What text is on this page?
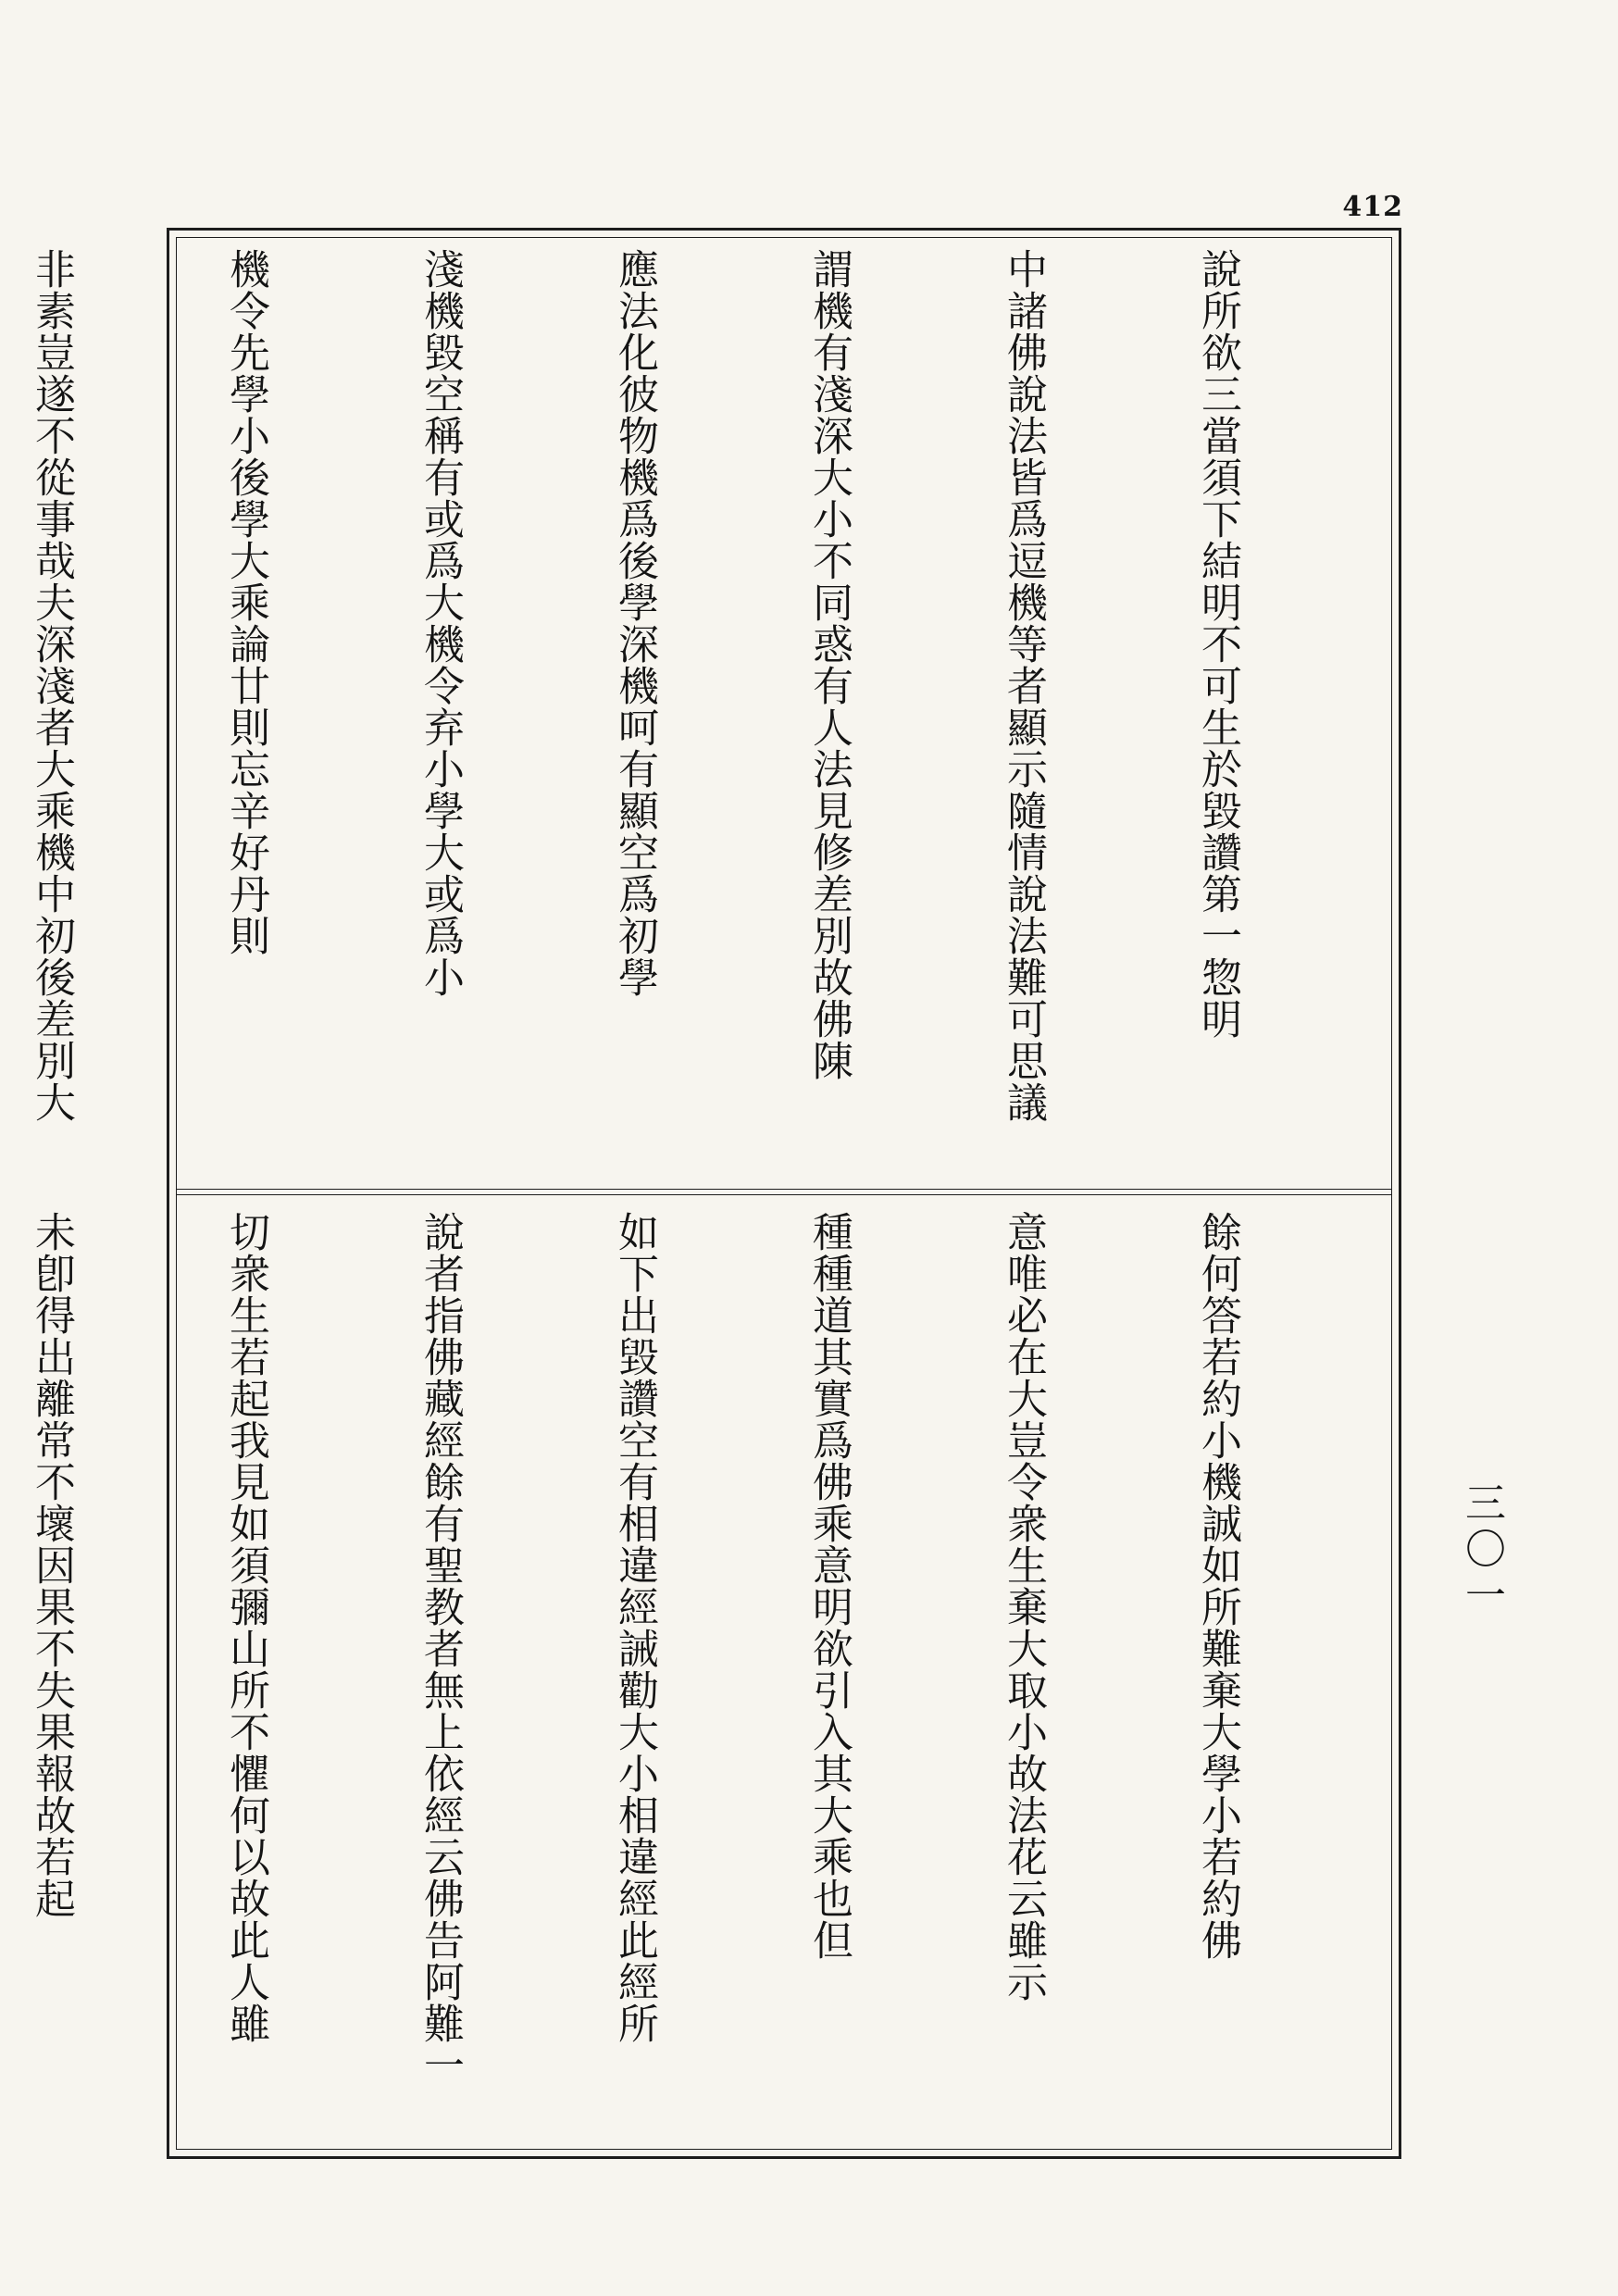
412
三〇一

說所欲三當須下結明不可生於毀讚第一惣明

中諸佛說法皆爲逗機等者顯示隨情說法難可思議

謂機有淺深大小不同惑有人法見修差別故佛陳

應法化彼物機爲後學深機呵有顯空爲初學

淺機毀空稱有或爲大機令弃小學大或爲小

機令先學小後學大乘論廿則忘辛好丹則

非素豈遂不從事哉夫深淺者大乘機中初後差別大

餘何答若約小機誠如所難棄大學小若約佛

意唯必在大豈令衆生棄大取小故法花云雖示

種種道其實爲佛乘意明欲引入其大乘也但

如下出毀讚空有相違經誡勸大小相違經此經所

說者指佛藏經餘有聖教者無上依經云佛告阿難一

切衆生若起我見如須彌山所不懼何以故此人雖

未卽得出離常不壞因果不失果報故若起
